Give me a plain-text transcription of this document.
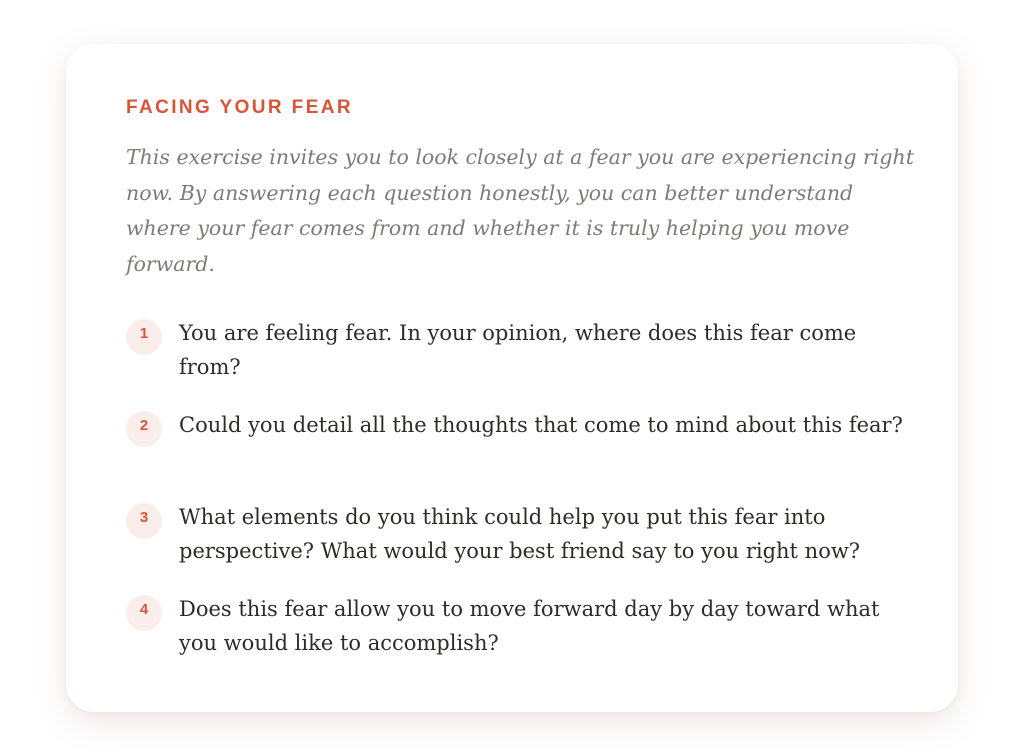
FACING YOUR FEAR

This exercise invites you to look closely at a fear you are experiencing right now. By answering each question honestly, you can better understand where your fear comes from and whether it is truly helping you move forward.

1	You are feeling fear. In your opinion, where does this fear come from?
2	Could you detail all the thoughts that come to mind about this fear?
3	What elements do you think could help you put this fear into perspective? What would your best friend say to you right now?
4	Does this fear allow you to move forward day by day toward what you would like to accomplish?
